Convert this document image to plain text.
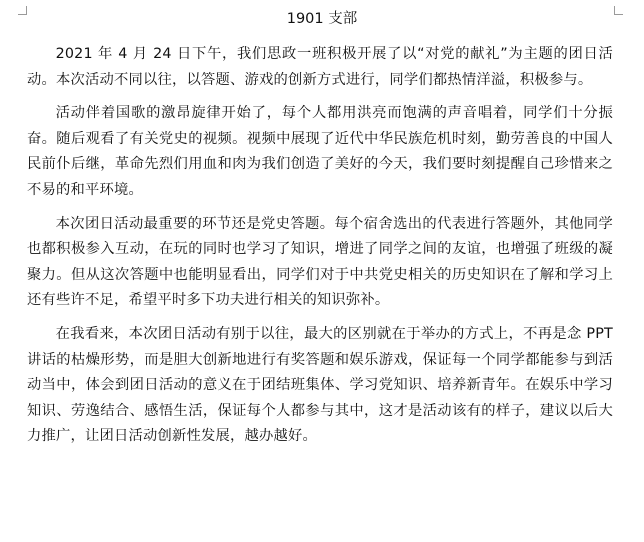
1901 支部

2021 年 4 月 24 日下午，我们思政一班积极开展了以“对党的献礼”为主题的团日活动。本次活动不同以往，以答题、游戏的创新方式进行，同学们都热情洋溢，积极参与。

活动伴着国歌的激昂旋律开始了，每个人都用洪亮而饱满的声音唱着，同学们十分振奋。随后观看了有关党史的视频。视频中展现了近代中华民族危机时刻，勤劳善良的中国人民前仆后继，革命先烈们用血和肉为我们创造了美好的今天，我们要时刻提醒自己珍惜来之不易的和平环境。

本次团日活动最重要的环节还是党史答题。每个宿舍选出的代表进行答题外，其他同学也都积极参入互动，在玩的同时也学习了知识，增进了同学之间的友谊，也增强了班级的凝聚力。但从这次答题中也能明显看出，同学们对于中共党史相关的历史知识在了解和学习上还有些许不足，希望平时多下功夫进行相关的知识弥补。

在我看来，本次团日活动有别于以往，最大的区别就在于举办的方式上，不再是念 PPT 讲话的枯燥形势，而是胆大创新地进行有奖答题和娱乐游戏，保证每一个同学都能参与到活动当中，体会到团日活动的意义在于团结班集体、学习党知识、培养新青年。在娱乐中学习知识、劳逸结合、感悟生活，保证每个人都参与其中，这才是活动该有的样子，建议以后大力推广，让团日活动创新性发展，越办越好。
